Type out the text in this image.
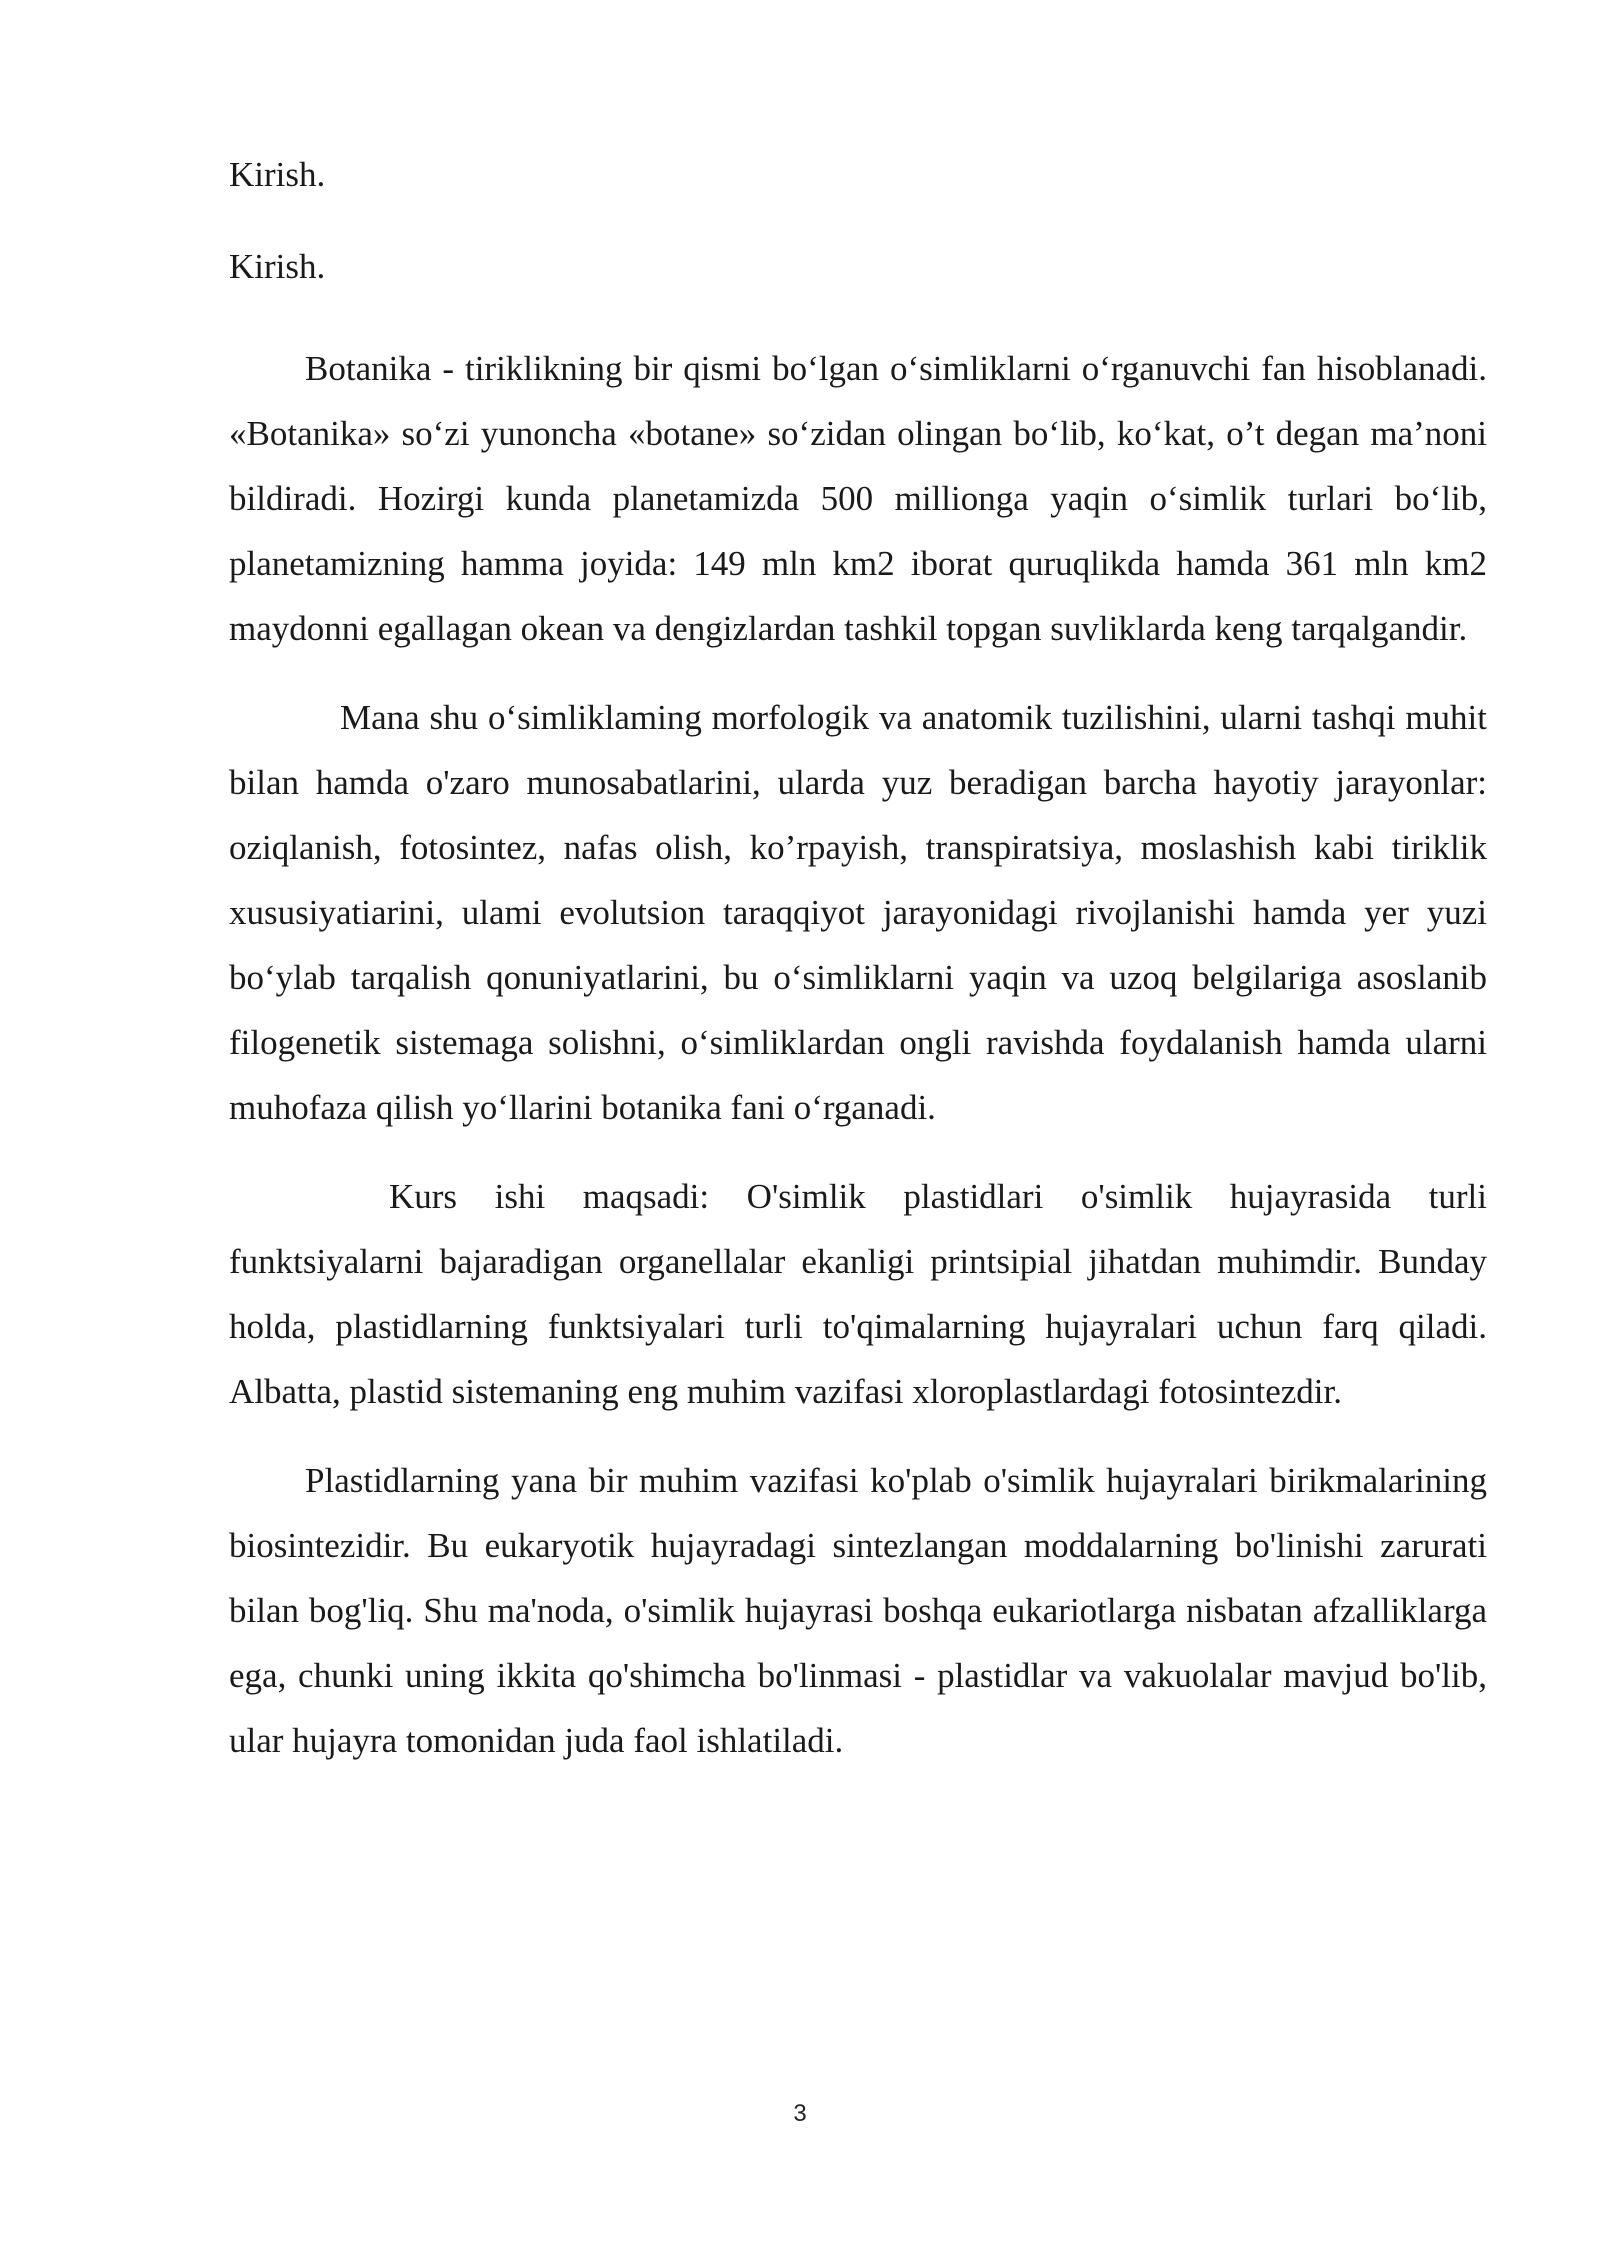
Kirish.

Kirish.

Botanika - tiriklikning bir qismi bo‘lgan o‘simliklarni o‘rganuvchi fan hisoblanadi. «Botanika» so‘zi yunoncha «botane» so‘zidan olingan bo‘lib, ko‘kat, o’t degan ma’noni bildiradi. Hozirgi kunda planetamizda 500 millionga yaqin o‘simlik turlari bo‘lib, planetamizning hamma joyida: 149 mln km2 iborat quruqlikda hamda 361 mln km2 maydonni egallagan okean va dengizlardan tashkil topgan suvliklarda keng tarqalgandir.

Mana shu o‘simliklaming morfologik va anatomik tuzilishini, ularni tashqi muhit bilan hamda o'zaro munosabatlarini, ularda yuz beradigan barcha hayotiy jarayonlar: oziqlanish, fotosintez, nafas olish, ko’rpayish, transpiratsiya, moslashish kabi tiriklik xususiyatiarini, ulami evolutsion taraqqiyot jarayonidagi rivojlanishi hamda yer yuzi bo‘ylab tarqalish qonuniyatlarini, bu o‘simliklarni yaqin va uzoq belgilariga asoslanib filogenetik sistemaga solishni, o‘simliklardan ongli ravishda foydalanish hamda ularni muhofaza qilish yo‘llarini botanika fani o‘rganadi.

Kurs ishi maqsadi: O'simlik plastidlari o'simlik hujayrasida turli funktsiyalarni bajaradigan organellalar ekanligi printsipial jihatdan muhimdir. Bunday holda, plastidlarning funktsiyalari turli to'qimalarning hujayralari uchun farq qiladi. Albatta, plastid sistemaning eng muhim vazifasi xloroplastlardagi fotosintezdir.

Plastidlarning yana bir muhim vazifasi ko'plab o'simlik hujayralari birikmalarining biosintezidir. Bu eukaryotik hujayradagi sintezlangan moddalarning bo'linishi zarurati bilan bog'liq. Shu ma'noda, o'simlik hujayrasi boshqa eukariotlarga nisbatan afzalliklarga ega, chunki uning ikkita qo'shimcha bo'linmasi - plastidlar va vakuolalar mavjud bo'lib, ular hujayra tomonidan juda faol ishlatiladi.

3
